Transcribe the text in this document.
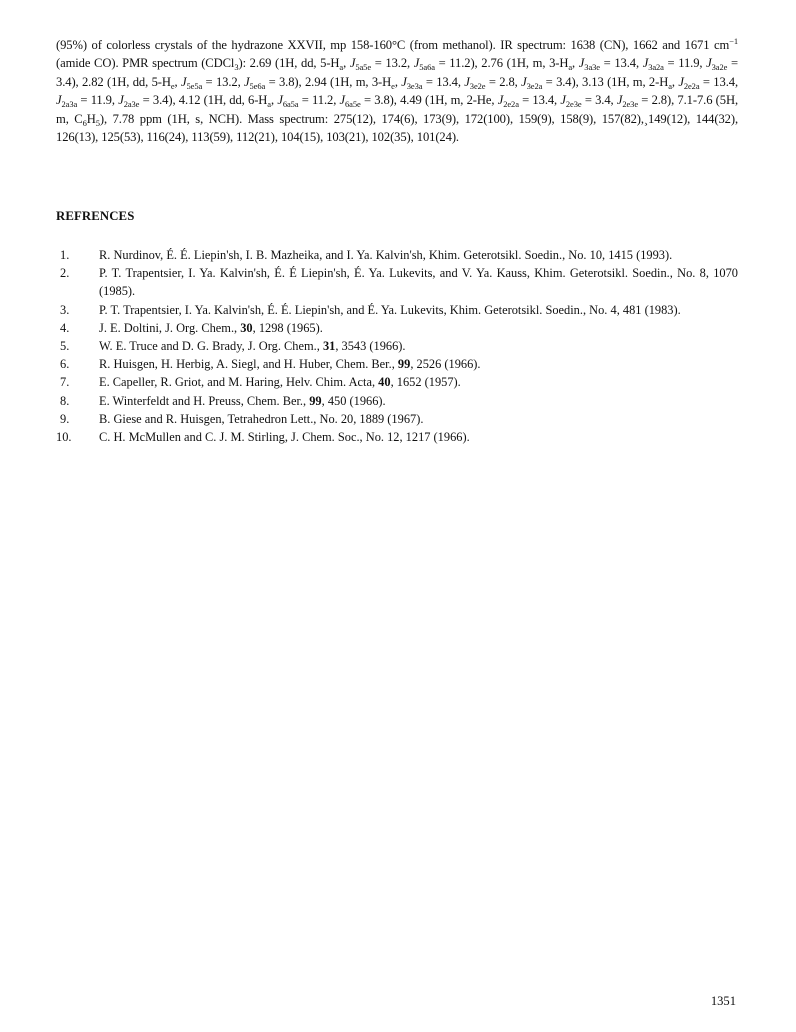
(95%) of colorless crystals of the hydrazone XXVII, mp 158-160°C (from methanol). IR spectrum: 1638 (CN), 1662 and 1671 $cm^{-1}$ (amide CO). PMR spectrum (CDCl$_3$): 2.69 (1H, dd, $5-H_a$, $J_{5a5e} = 13.2$, $J_{5a6a} = 11.2$), 2.76 (1H, m, $3-H_a$, $J_{3a3e} = 13.4$, $J_{3a2a} = 11.9$, $J_{3a2e} = 3.4$), 2.82 (1H, dd, $5-H_e$, $J_{5e5a} = 13.2$, $J_{5e6a} = 3.8$), 2.94 (1H, m, $3-H_e$, $J_{3e3a} = 13.4$, $J_{3e2e} = 2.8$, $J_{3e2a} = 3.4$), 3.13 (1H, m, $2-H_a$, $J_{2e2a} = 13.4$, $J_{2a3a} = 11.9$, $J_{2a3e} = 3.4$), 4.12 (1H, dd, $6-H_a$, $J_{6a5a} = 11.2$, $J_{6a5e} = 3.8$), 4.49 (1H, m, 2-He, $J_{2e2a} = 13.4$, $J_{2e3e} = 3.4$, $J_{2e3e} = 2.8$), 7.1-7.6 (5H, m, $C_6H_5$), 7.78 ppm (1H, s, NCH). Mass spectrum: 275(12), 174(6), 173(9), 172(100), 159(9), 158(9), 157(82),¸149(12), 144(32), 126(13), 125(53), 116(24), 113(59), 112(21), 104(15), 103(21), 102(35), 101(24).
REFRENCES
1.	R. Nurdinov, É. É. Liepin'sh, I. B. Mazheika, and I. Ya. Kalvin'sh, Khim. Geterotsikl. Soedin., No. 10, 1415 (1993).
2.	P. T. Trapentsier, I. Ya. Kalvin'sh, É. É Liepin'sh, É. Ya. Lukevits, and V. Ya. Kauss, Khim. Geterotsikl. Soedin., No. 8, 1070 (1985).
3.	P. T. Trapentsier, I. Ya. Kalvin'sh, É. É. Liepin'sh, and É. Ya. Lukevits, Khim. Geterotsikl. Soedin., No. 4, 481 (1983).
4.	J. E. Doltini, J. Org. Chem., 30, 1298 (1965).
5.	W. E. Truce and D. G. Brady, J. Org. Chem., 31, 3543 (1966).
6.	R. Huisgen, H. Herbig, A. Siegl, and H. Huber, Chem. Ber., 99, 2526 (1966).
7.	E. Capeller, R. Griot, and M. Haring, Helv. Chim. Acta, 40, 1652 (1957).
8.	E. Winterfeldt and H. Preuss, Chem. Ber., 99, 450 (1966).
9.	B. Giese and R. Huisgen, Tetrahedron Lett., No. 20, 1889 (1967).
10.	C. H. McMullen and C. J. M. Stirling, J. Chem. Soc., No. 12, 1217 (1966).
1351
